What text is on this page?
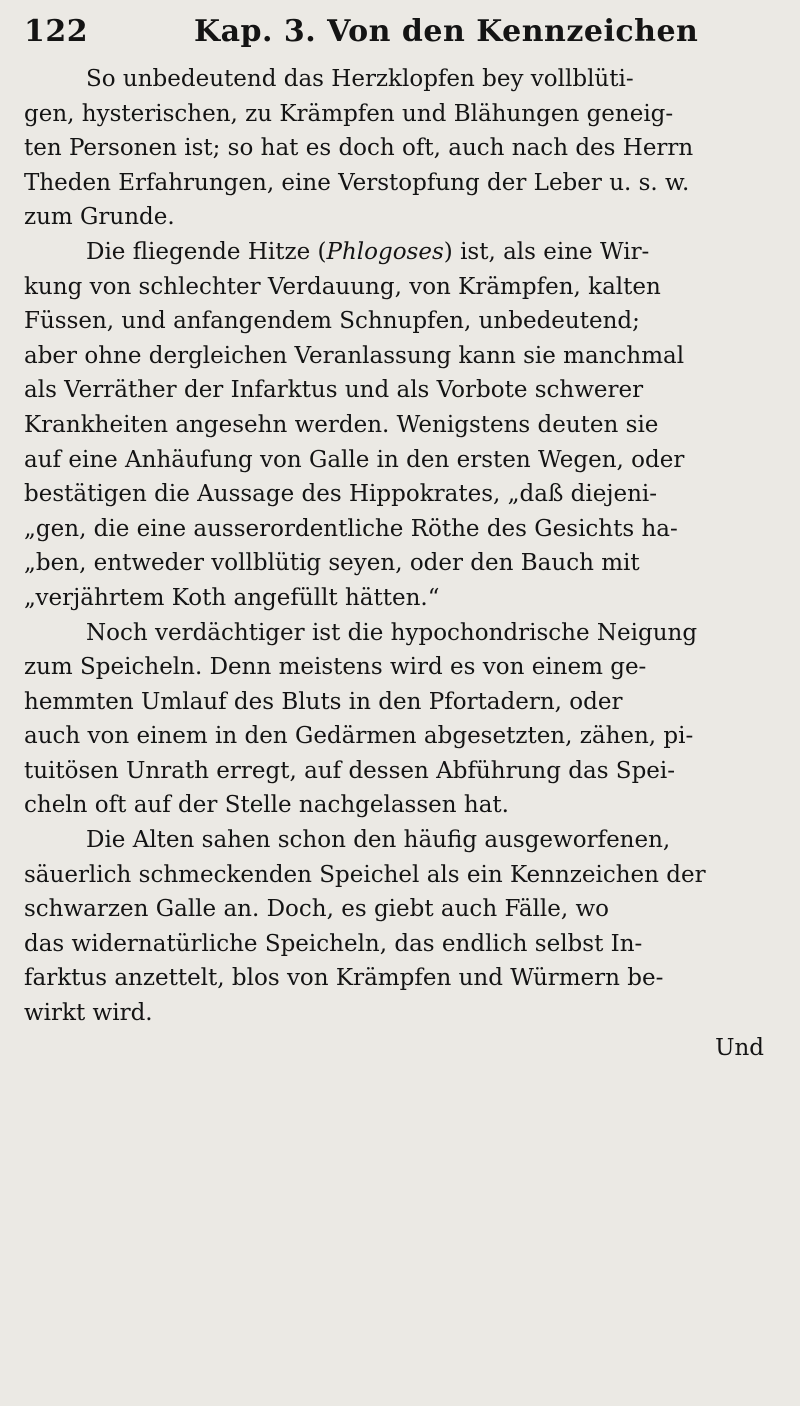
122	Kap. 3. Von den Kennzeichen
So unbedeutend das Herzklopfen bey vollblüti-
gen, hysterischen, zu Krämpfen und Blähungen geneig-
ten Personen ist; so hat es doch oft, auch nach des Herrn
Theden Erfahrungen, eine Verstopfung der Leber u. s. w.
zum Grunde.
Die fliegende Hitze (Phlogoses) ist, als eine Wir-
kung von schlechter Verdauung, von Krämpfen, kalten
Füssen, und anfangendem Schnupfen, unbedeutend;
aber ohne dergleichen Veranlassung kann sie manchmal
als Verräther der Infarktus und als Vorbote schwerer
Krankheiten angesehn werden. Wenigstens deuten sie
auf eine Anhäufung von Galle in den ersten Wegen, oder
bestätigen die Aussage des Hippokrates, „daß diejeni-
„gen, die eine ausserordentliche Röthe des Gesichts ha-
„ben, entweder vollblütig seyen, oder den Bauch mit
„verjährtem Koth angefüllt hätten.“
Noch verdächtiger ist die hypochondrische Neigung
zum Speicheln. Denn meistens wird es von einem ge-
hemmten Umlauf des Bluts in den Pfortadern, oder
auch von einem in den Gedärmen abgesetzten, zähen, pi-
tuitösen Unrath erregt, auf dessen Abführung das Spei-
cheln oft auf der Stelle nachgelassen hat.
Die Alten sahen schon den häufig ausgeworfenen,
säuerlich schmeckenden Speichel als ein Kennzeichen der
schwarzen Galle an. Doch, es giebt auch Fälle, wo
das widernatürliche Speicheln, das endlich selbst In-
farktus anzettelt, blos von Krämpfen und Würmern be-
wirkt wird.
Und
